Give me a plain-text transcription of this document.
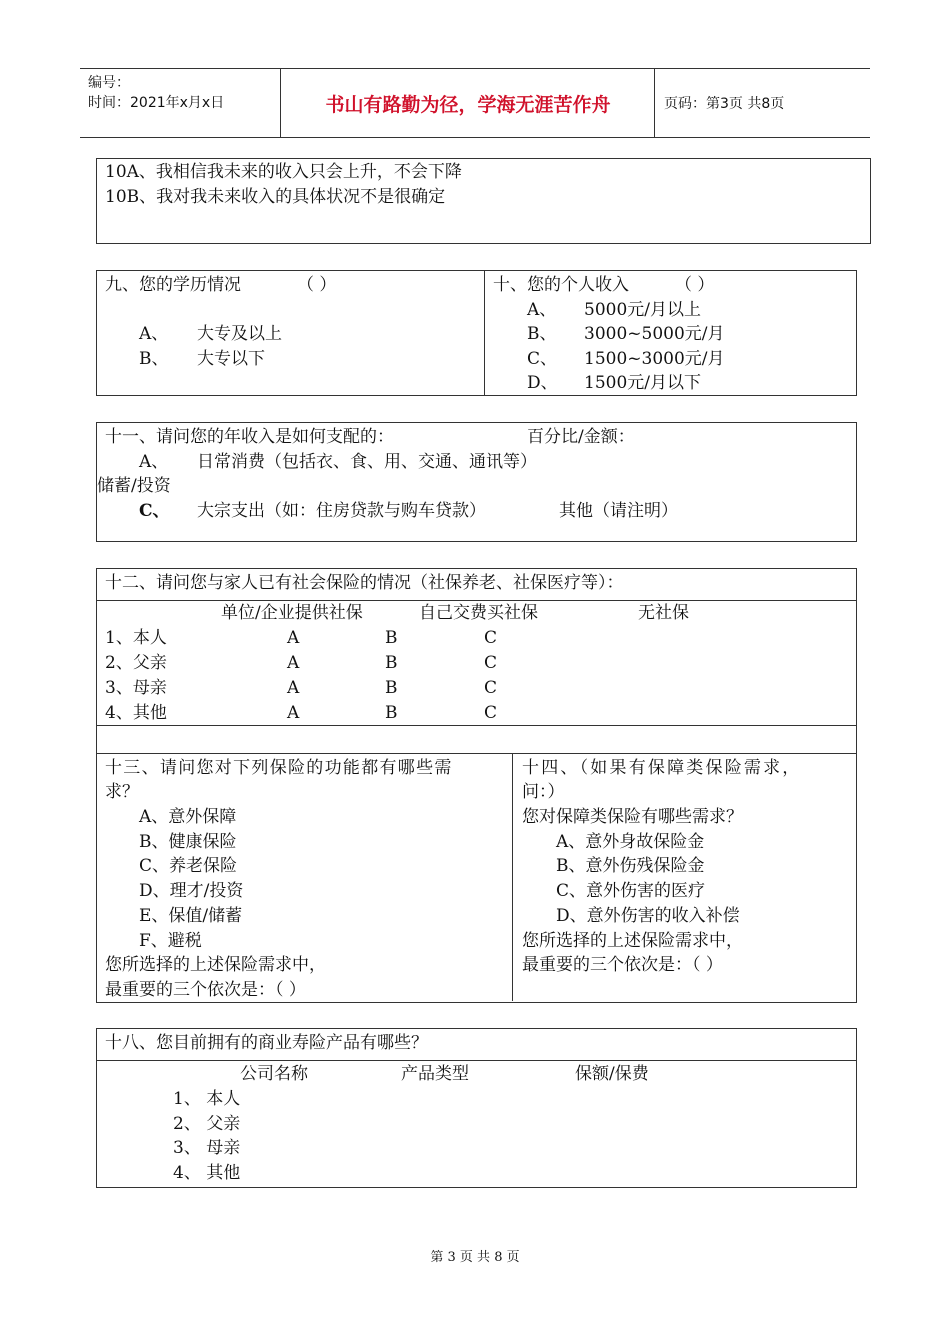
编号：
时间：2021年x月x日	书山有路勤为径，学海无涯苦作舟	页码：第3页 共8页
10A、我相信我未来的收入只会上升，不会下降
10B、我对我未来收入的具体状况不是很确定
九、您的学历情况	（ ）
A、 大专及以上
B、 大专以下
十、您的个人收入	（ ）
A、 5000元/月以上
B、 3000~5000元/月
C、 1500~3000元/月
D、 1500元/月以下
十一、请问您的年收入是如何支配的：	百分比/金额：
A、 日常消费（包括衣、食、用、交通、通讯等）
储蓄/投资
C、 大宗支出（如：住房贷款与购车贷款）	其他（请注明）
十二、请问您与家人已有社会保险的情况（社保养老、社保医疗等）：
单位/企业提供社保	自己交费买社保	无社保
1、本人	A	B	C
2、父亲	A	B	C
3、母亲	A	B	C
4、其他	A	B	C
十三、请问您对下列保险的功能都有哪些需
求？
A、意外保障
B、健康保险
C、养老保险
D、理才/投资
E、保值/储蓄
F、避税
您所选择的上述保险需求中，
最重要的三个依次是：（ ）
十四、（如果有保障类保险需求，
问：）
您对保障类保险有哪些需求？
A、意外身故保险金
B、意外伤残保险金
C、意外伤害的医疗
D、意外伤害的收入补偿
您所选择的上述保险需求中，
最重要的三个依次是：（ ）
十八、您目前拥有的商业寿险产品有哪些？
公司名称	产品类型	保额/保费
1、 本人
2、 父亲
3、 母亲
4、 其他
第 3 页 共 8 页
